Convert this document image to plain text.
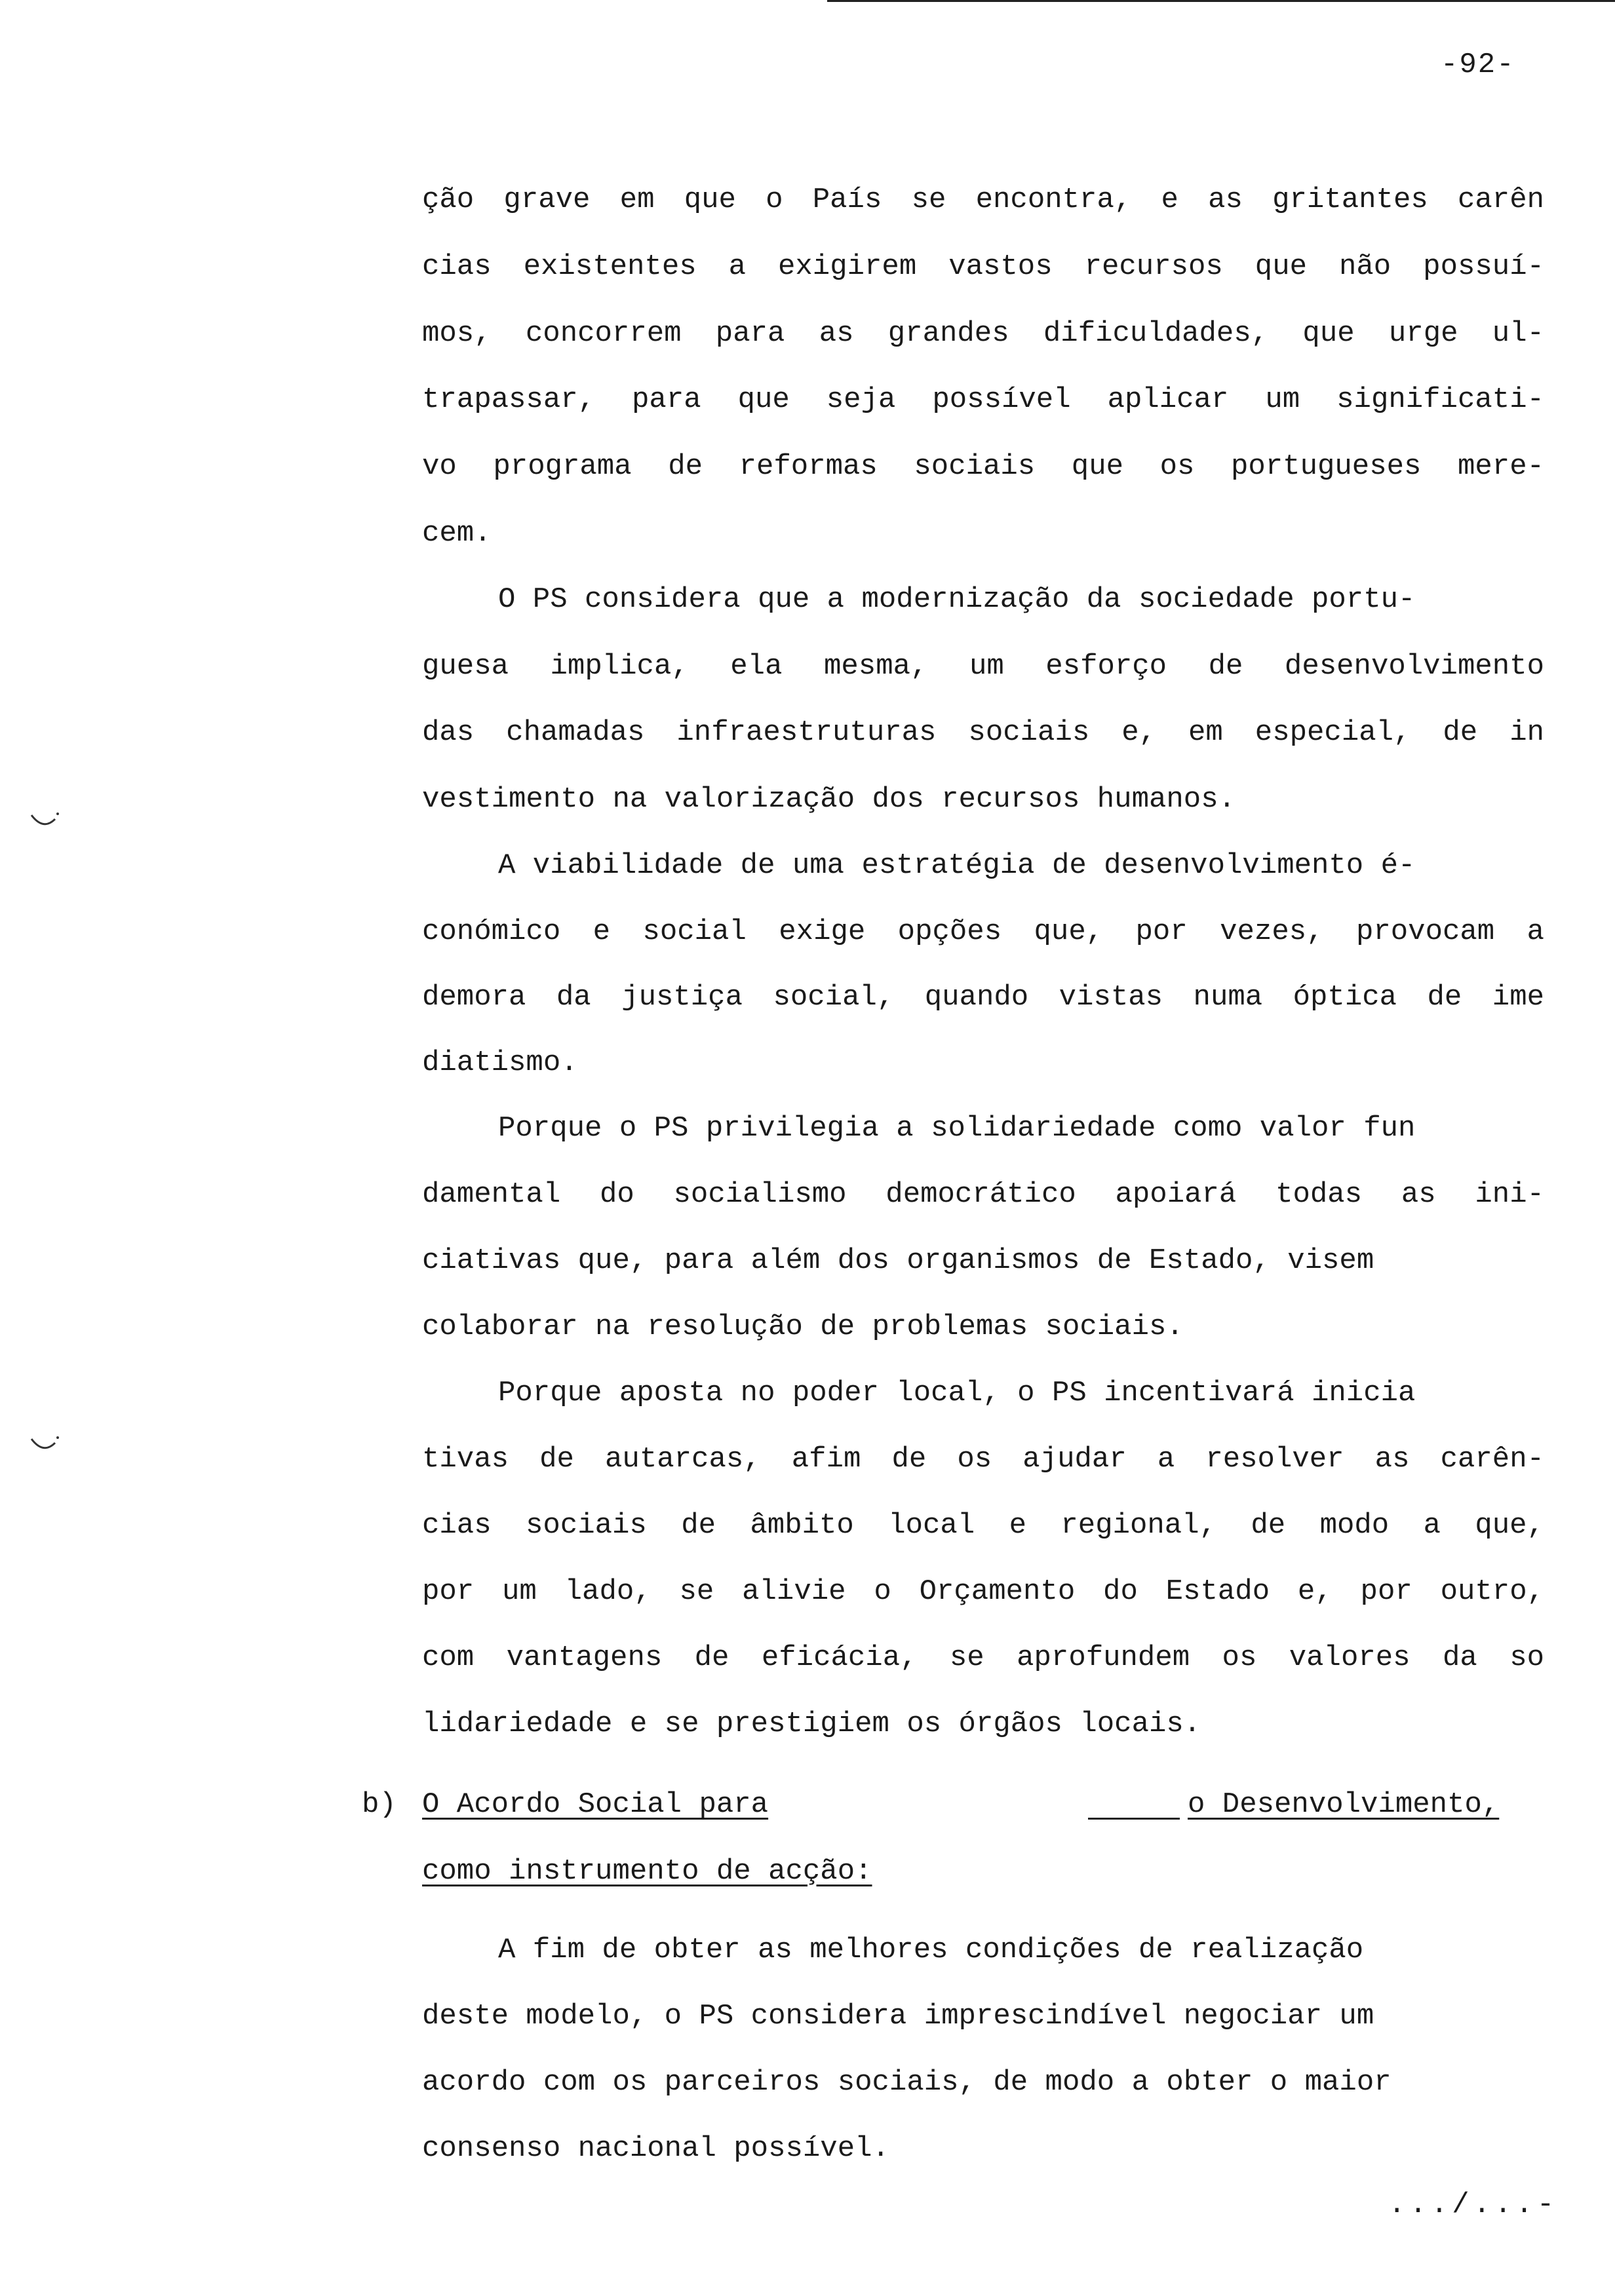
-92-
ção grave em que o País se encontra, e as gritantes carên
cias existentes a exigirem vastos recursos que não possuí-
mos, concorrem para as grandes dificuldades, que urge ul-
trapassar, para que seja possível aplicar um significati-
vo programa de reformas sociais que os portugueses mere-
cem.
O PS considera que a modernização da sociedade portu-
guesa implica, ela mesma, um esforço de desenvolvimento
das chamadas infraestruturas sociais e, em especial, de in
vestimento na valorização dos recursos humanos.
A viabilidade de uma estratégia de desenvolvimento é-
conómico e social exige opções que, por vezes, provocam a
demora da justiça social, quando vistas numa óptica de ime
diatismo.
Porque o PS privilegia a solidariedade como valor fun
damental do socialismo democrático apoiará todas as ini-
ciativas que, para além dos organismos de Estado, visem
colaborar na resolução de problemas sociais.
Porque aposta no poder local, o PS incentivará inicia
tivas de autarcas, afim de os ajudar a resolver as carên-
cias sociais de âmbito local e regional, de modo a que,
por um lado, se alivie o Orçamento do Estado e, por outro,
com vantagens de eficácia, se aprofundem os valores da so
lidariedade e se prestigiem os órgãos locais.
b) O Acordo Social para	o Desenvolvimento,
como instrumento de acção:
A fim de obter as melhores condições de realização
deste modelo, o PS considera imprescindível negociar um
acordo com os parceiros sociais, de modo a obter o maior
consenso nacional possível.
.../...-
